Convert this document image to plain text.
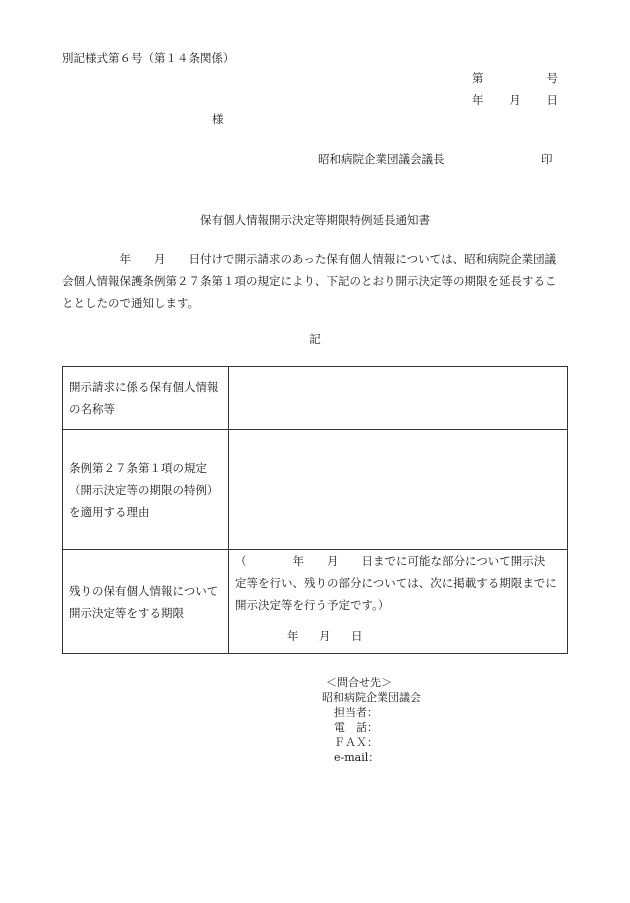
別記様式第６号（第１４条関係）
第	号
年 月 日
様
昭和病院企業団議会議長	印
保有個人情報開示決定等期限特例延長通知書

　　　　　年　　月　　日付けで開示請求のあった保有個人情報については、昭和病院企業団議

会個人情報保護条例第２７条第１項の規定により、下記のとおり開示決定等の期限を延長するこ

ととしたので通知します。

記
開示請求に係る保有個人情報
の名称等	

条例第２７条第１項の規定
（開示決定等の期限の特例）
を適用する理由	

残りの保有個人情報について
開示決定等をする期限	（　　　　年　　月　　日までに可能な部分について開示決
定等を行い、残りの部分については、次に掲載する期限までに
開示決定等を行う予定です。）
年 月 日
＜問合せ先＞
昭和病院企業団議会
担当者：
電　話：
ＦＡＸ：
e-mail：
